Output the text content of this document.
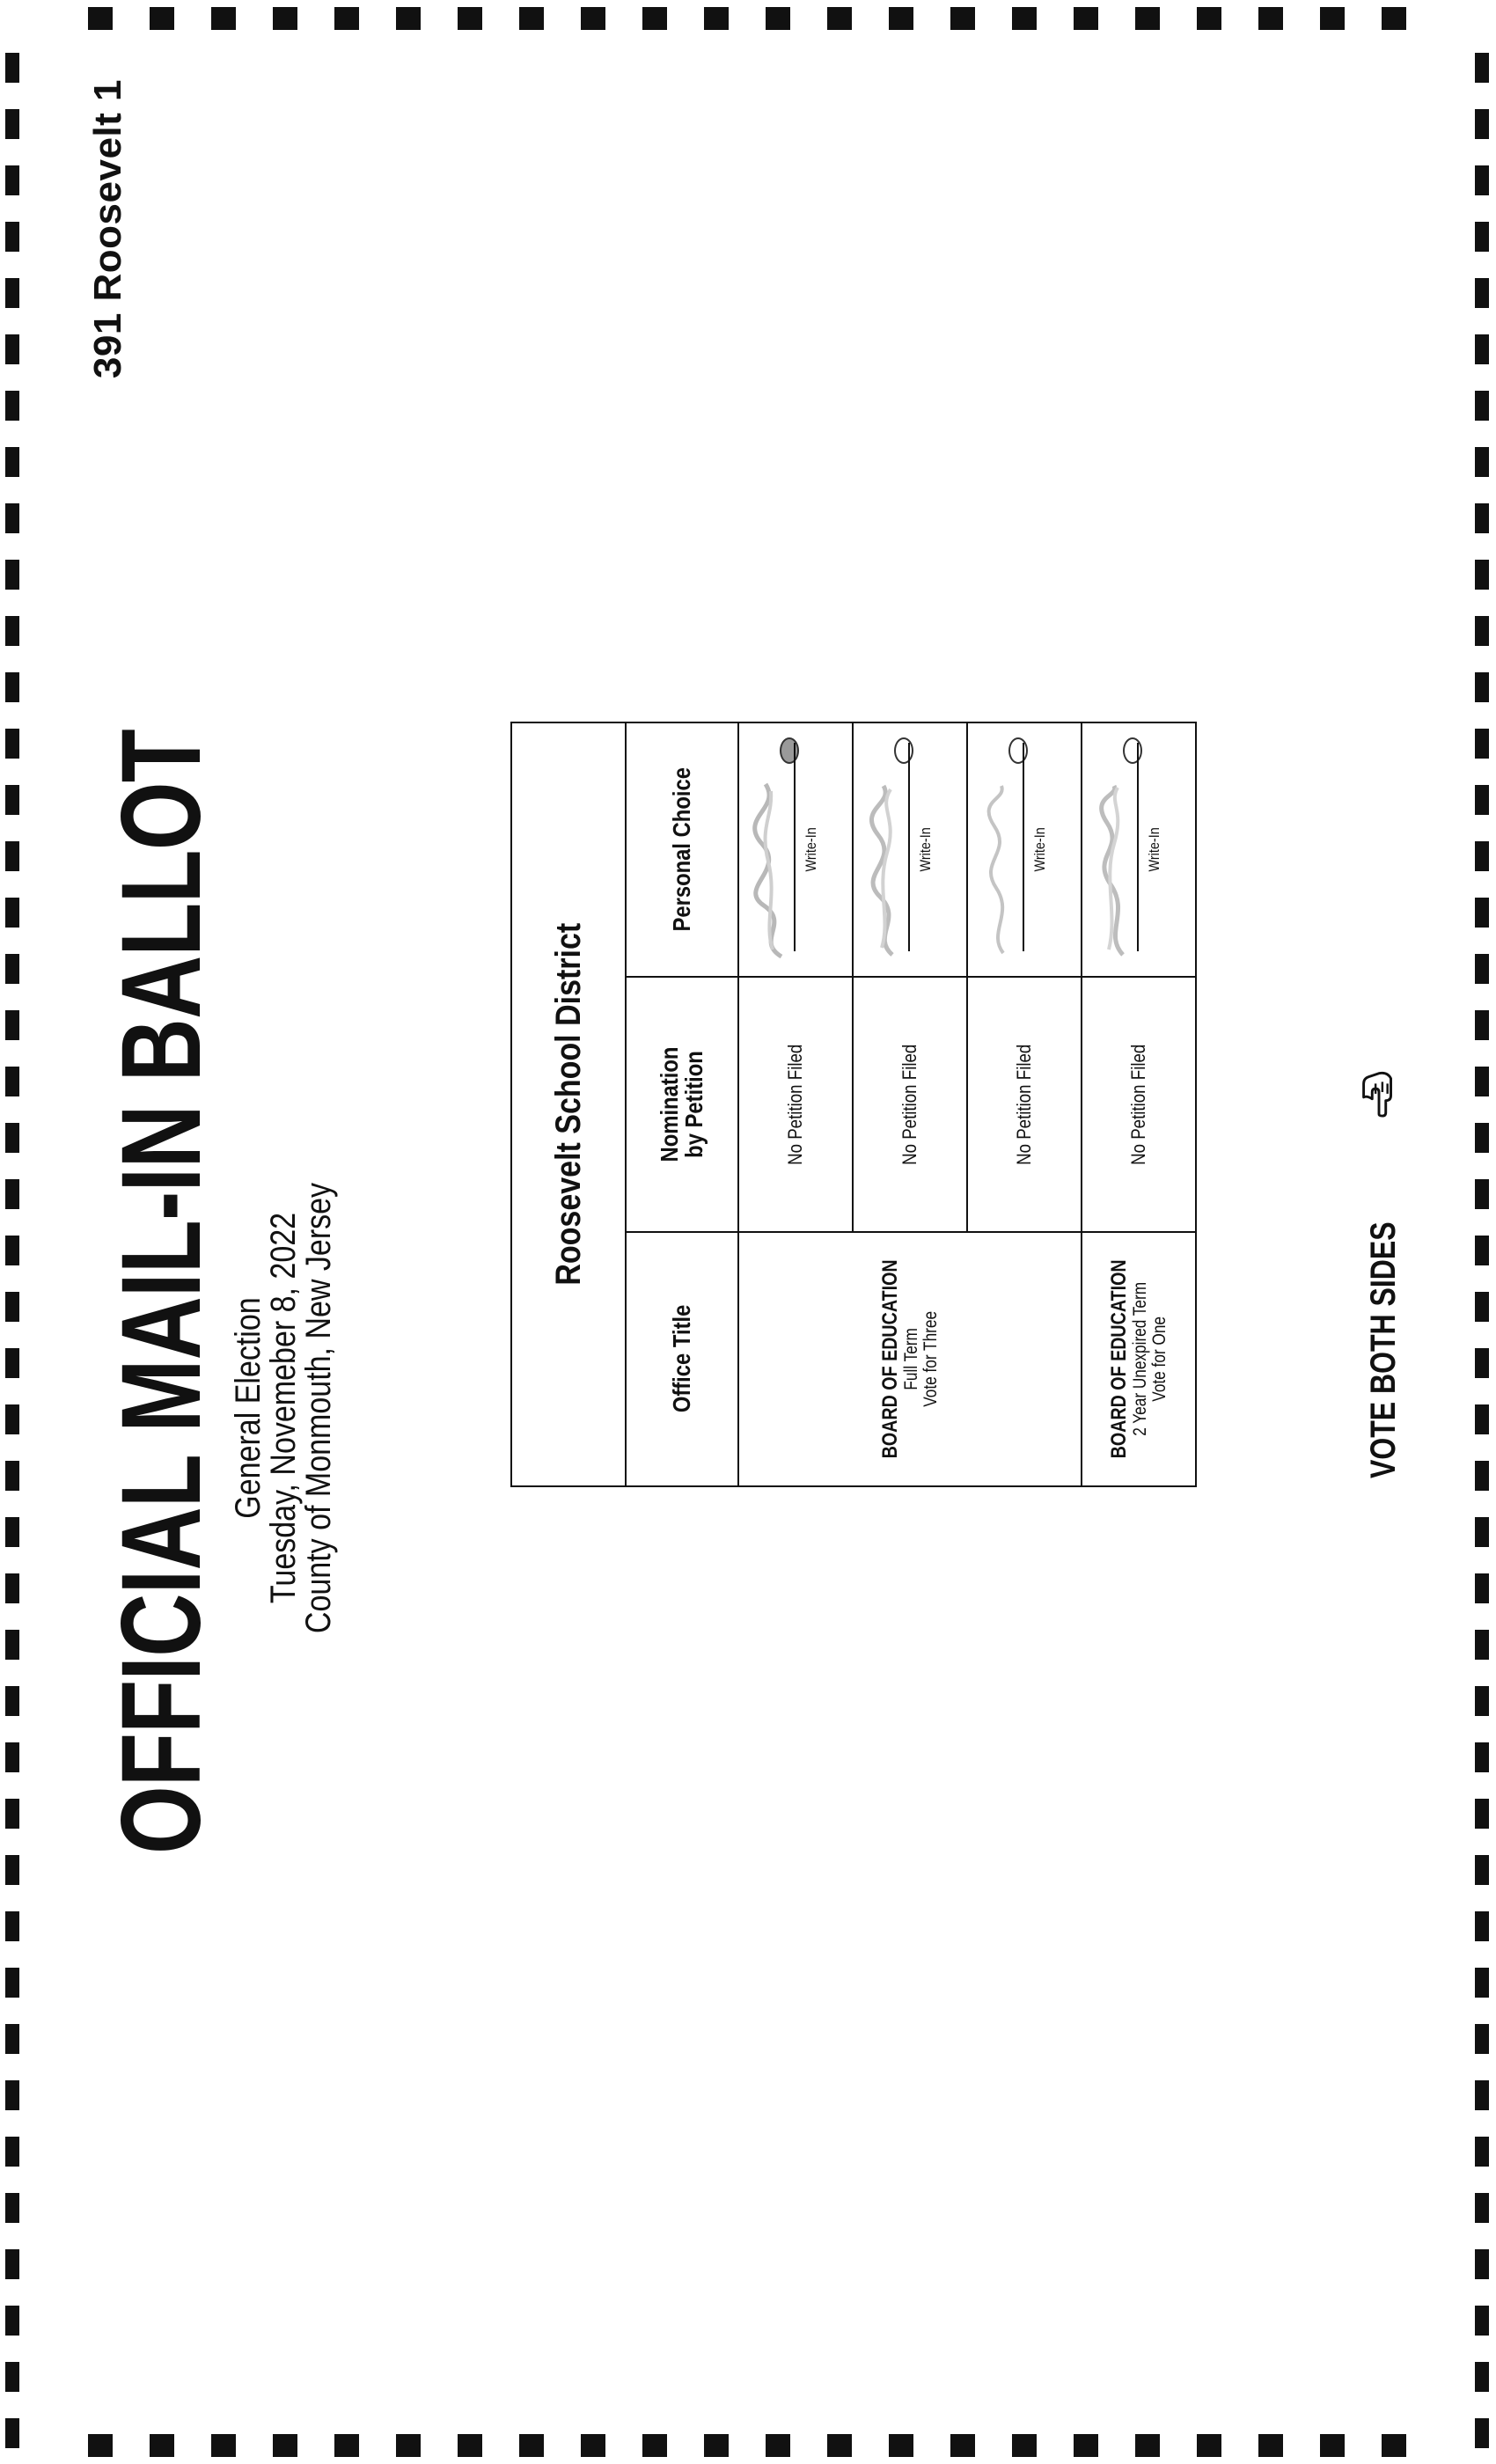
391 Roosevelt 1
OFFICIAL MAIL-IN BALLOT General Election
Tuesday, Novemeber 8, 2022
County of Monmouth, New Jersey
Roosevelt School District		
Office Title	Nomination by Petition	Personal Choice

BOARD OF EDUCATION
Full Term Vote for Three	No Petition Filed	Write-In

	No Petition Filed	Write-In

	No Petition Filed	Write-In

BOARD OF EDUCATION
2 Year Unexpired Term Vote for One	No Petition Filed	Write-In
VOTE BOTH SIDES
